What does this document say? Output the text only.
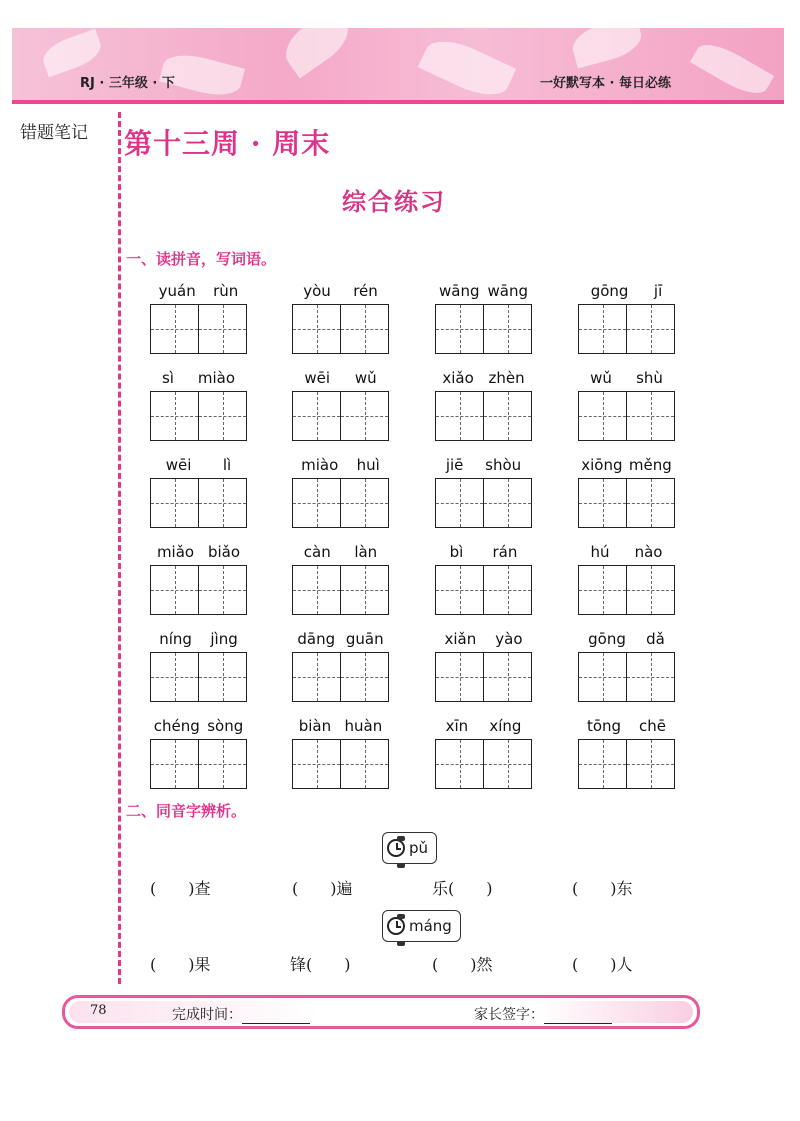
RJ · 三年级 · 下	一好默写本 · 每日必练
错题笔记 第十三周 · 周末
综合练习
一、读拼音，写词语。
yuán rùn	yòu rén	wāng wāng	gōng jī
sì miào	wēi wǔ	xiǎo zhèn	wǔ shù
wēi lì	miào huì	jiē shòu	xiōng měng
miǎo biǎo	càn làn	bì rán	hú nào
níng jìng	dāng guān	xiǎn yào	gōng dǎ
chéng sòng	biàn huàn	xīn xíng	tōng chē
二、同音字辨析。
pǔ
(　　)查	(　　)遍	乐(　　)	(　　)东
máng
(　　)果	锋(　　)	(　　)然	(　　)人
78	完成时间：	家长签字：
